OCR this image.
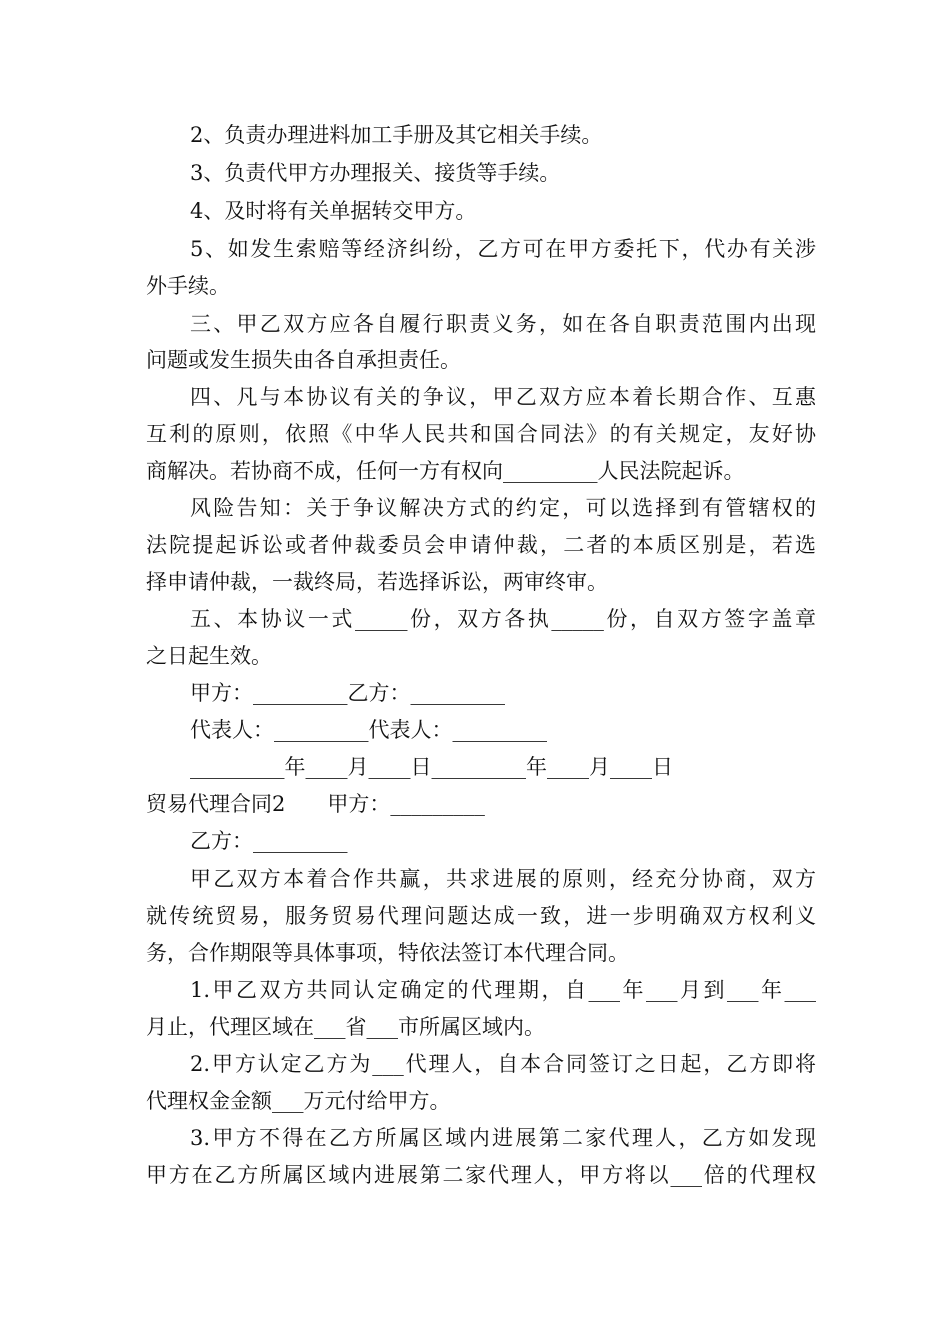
2、负责办理进料加工手册及其它相关手续。
3、负责代甲方办理报关、接货等手续。
4、及时将有关单据转交甲方。
5、如发生索赔等经济纠纷，乙方可在甲方委托下，代办有关涉
外手续。
三、甲乙双方应各自履行职责义务，如在各自职责范围内出现
问题或发生损失由各自承担责任。
四、凡与本协议有关的争议，甲乙双方应本着长期合作、互惠
互利的原则，依照《中华人民共和国合同法》的有关规定，友好协
商解决。若协商不成，任何一方有权向_________人民法院起诉。
风险告知：关于争议解决方式的约定，可以选择到有管辖权的
法院提起诉讼或者仲裁委员会申请仲裁，二者的本质区别是，若选
择申请仲裁，一裁终局，若选择诉讼，两审终审。
五、本协议一式_____份，双方各执_____份，自双方签字盖章
之日起生效。
甲方：_________乙方：_________
代表人：_________代表人：_________
_________年____月____日_________年____月____日
贸易代理合同2　　甲方：_________
乙方：_________
甲乙双方本着合作共赢，共求进展的原则，经充分协商，双方
就传统贸易，服务贸易代理问题达成一致，进一步明确双方权利义
务，合作期限等具体事项，特依法签订本代理合同。
1.甲乙双方共同认定确定的代理期，自___年___月到___年___
月止，代理区域在___省___市所属区域内。
2.甲方认定乙方为___代理人，自本合同签订之日起，乙方即将
代理权金金额___万元付给甲方。
3.甲方不得在乙方所属区域内进展第二家代理人，乙方如发现
甲方在乙方所属区域内进展第二家代理人，甲方将以___倍的代理权
